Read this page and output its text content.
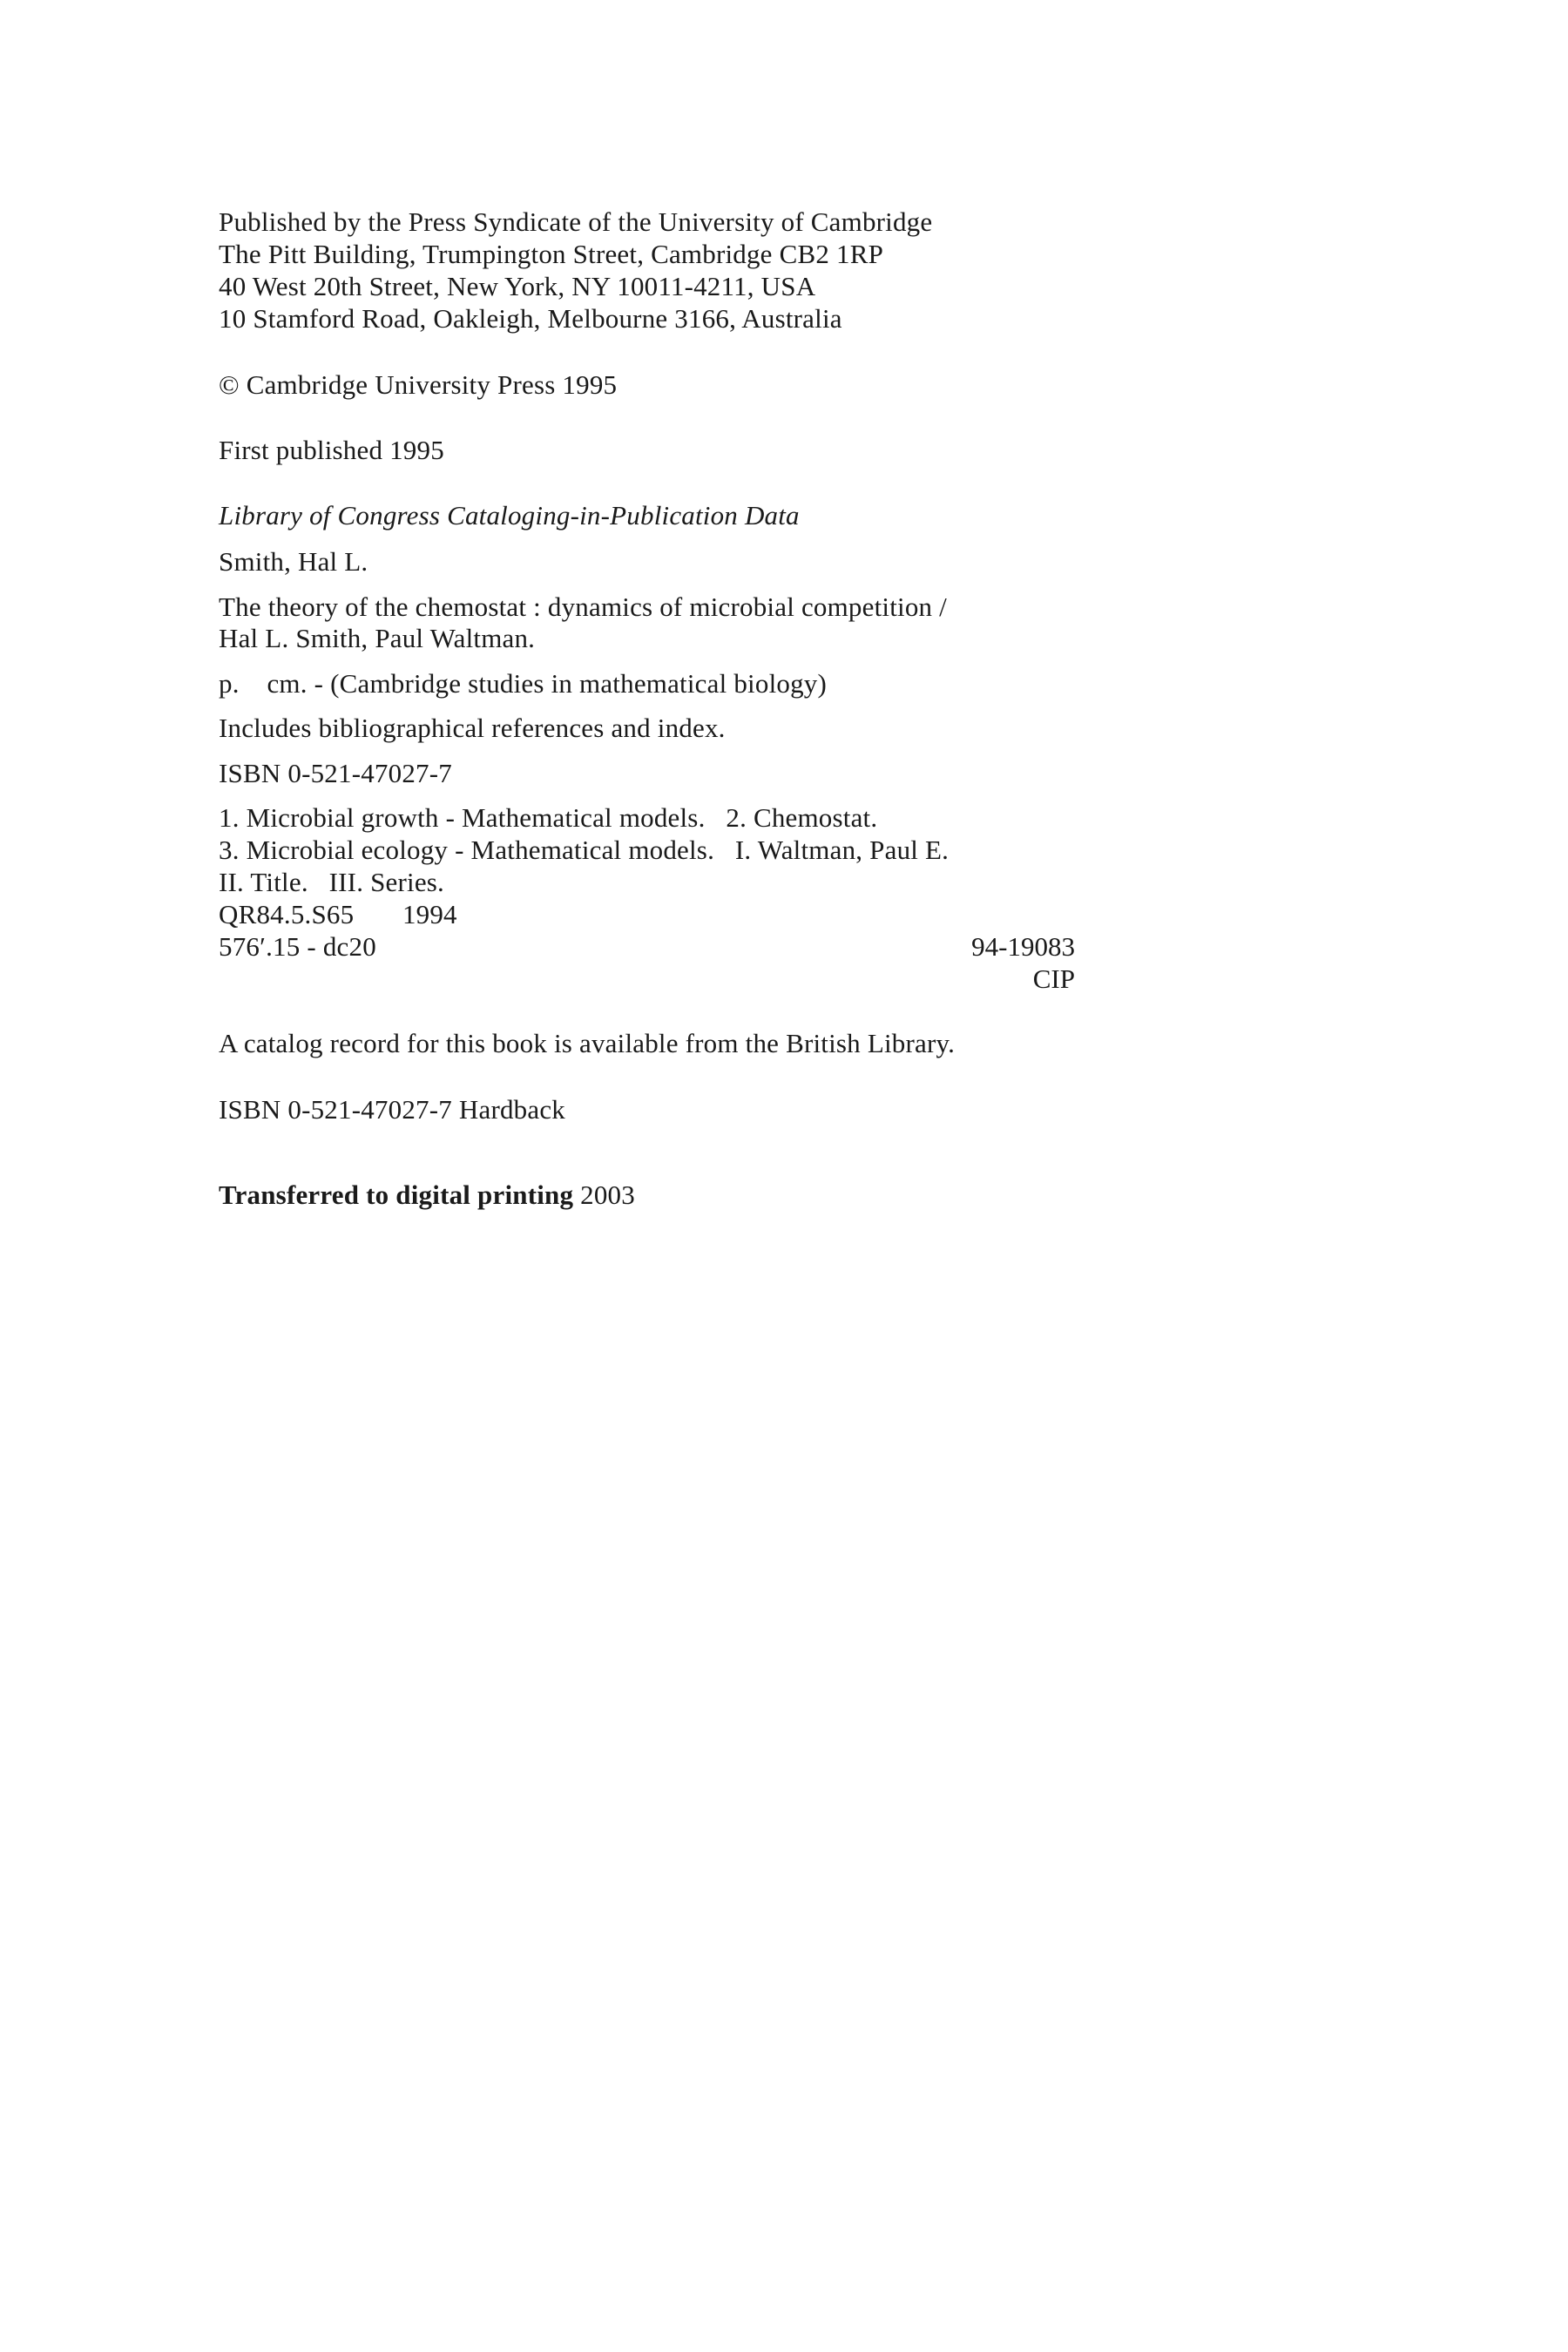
Published by the Press Syndicate of the University of Cambridge
The Pitt Building, Trumpington Street, Cambridge CB2 1RP
40 West 20th Street, New York, NY 10011-4211, USA
10 Stamford Road, Oakleigh, Melbourne 3166, Australia
© Cambridge University Press 1995
First published 1995
Library of Congress Cataloging-in-Publication Data
Smith, Hal L.
The theory of the chemostat : dynamics of microbial competition /
Hal L. Smith, Paul Waltman.
p.    cm. - (Cambridge studies in mathematical biology)
Includes bibliographical references and index.
ISBN 0-521-47027-7
1. Microbial growth - Mathematical models.   2. Chemostat.
3. Microbial ecology - Mathematical models.   I. Waltman, Paul E.
II. Title.   III. Series.
QR84.5.S65       1994
576′.15 - dc20	94-19083
CIP
A catalog record for this book is available from the British Library.
ISBN 0-521-47027-7 Hardback
Transferred to digital printing 2003
